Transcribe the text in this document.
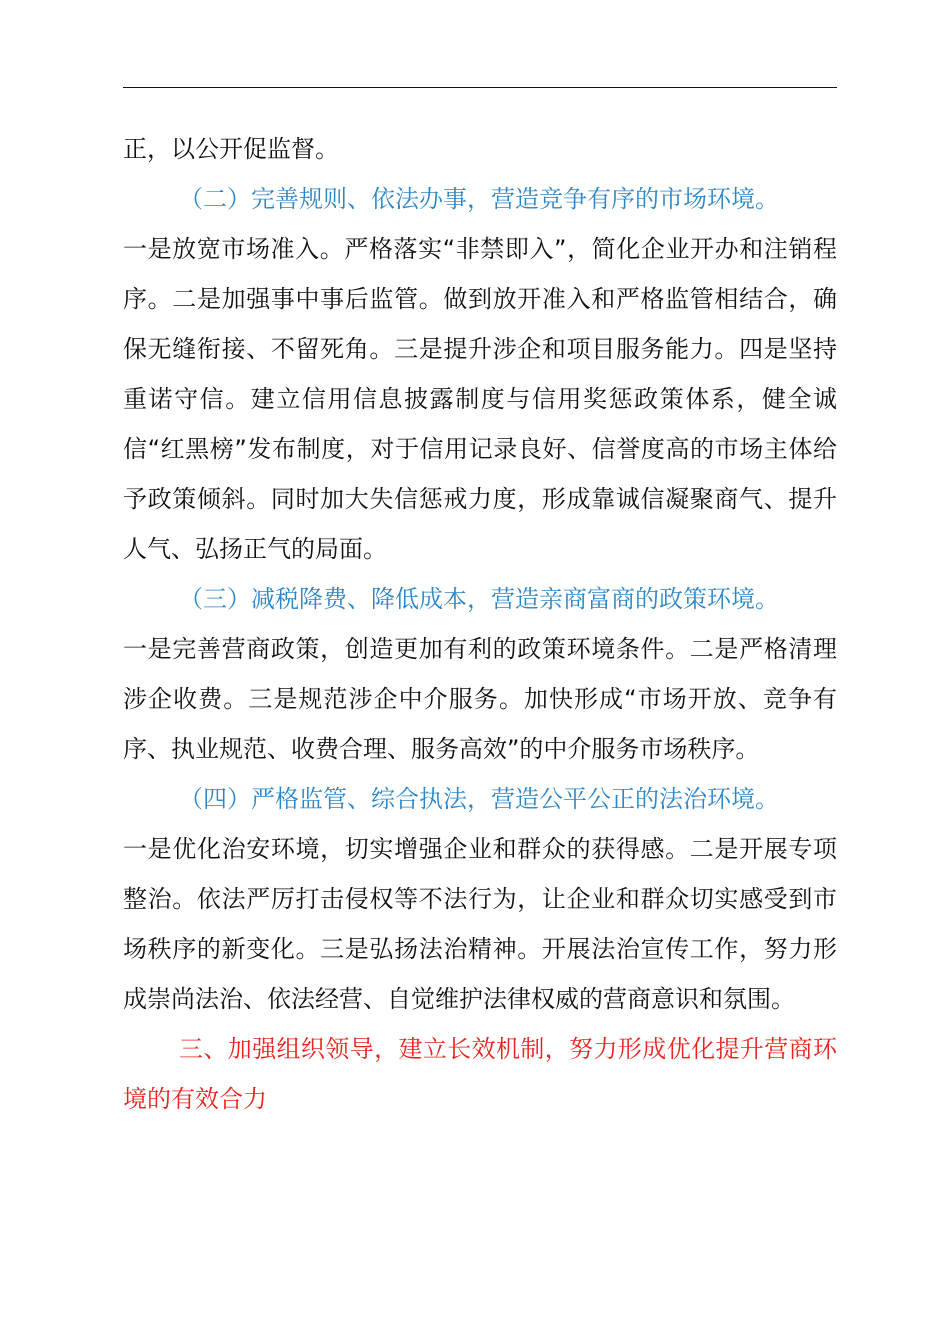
正，以公开促监督。

（二）完善规则、依法办事，营造竞争有序的市场环境。

一是放宽市场准入。严格落实“非禁即入”，简化企业开办和注销程序。二是加强事中事后监管。做到放开准入和严格监管相结合，确保无缝衔接、不留死角。三是提升涉企和项目服务能力。四是坚持重诺守信。建立信用信息披露制度与信用奖惩政策体系，健全诚信“红黑榜”发布制度，对于信用记录良好、信誉度高的市场主体给予政策倾斜。同时加大失信惩戒力度，形成靠诚信凝聚商气、提升人气、弘扬正气的局面。

（三）减税降费、降低成本，营造亲商富商的政策环境。

一是完善营商政策，创造更加有利的政策环境条件。二是严格清理涉企收费。三是规范涉企中介服务。加快形成“市场开放、竞争有序、执业规范、收费合理、服务高效”的中介服务市场秩序。

（四）严格监管、综合执法，营造公平公正的法治环境。

一是优化治安环境，切实增强企业和群众的获得感。二是开展专项整治。依法严厉打击侵权等不法行为，让企业和群众切实感受到市场秩序的新变化。三是弘扬法治精神。开展法治宣传工作，努力形成崇尚法治、依法经营、自觉维护法律权威的营商意识和氛围。

三、加强组织领导，建立长效机制，努力形成优化提升营商环境的有效合力
